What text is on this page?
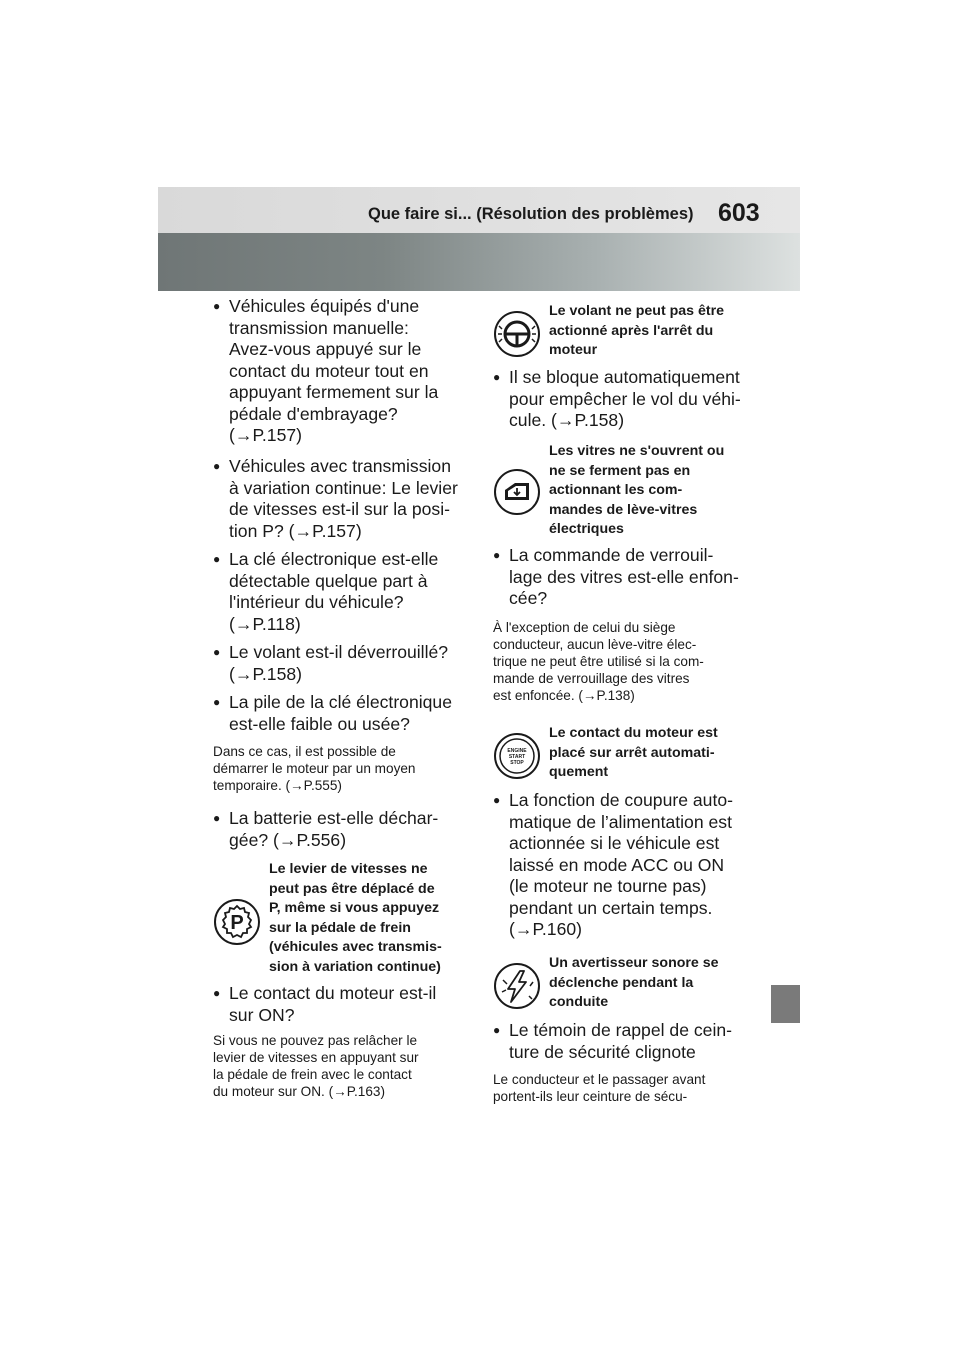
Que faire si... (Résolution des problèmes) 603
● Véhicules équipés d'une
transmission manuelle:
Avez-vous appuyé sur le
contact du moteur tout en
appuyant fermement sur la
pédale d'embrayage?
(→P.157)
● Véhicules avec transmission
à variation continue: Le levier
de vitesses est-il sur la posi-
tion P? (→P.157)
● La clé électronique est-elle
détectable quelque part à
l'intérieur du véhicule?
(→P.118)
● Le volant est-il déverrouillé?
(→P.158)
● La pile de la clé électronique
est-elle faible ou usée?
Dans ce cas, il est possible de
démarrer le moteur par un moyen
temporaire. (→P.555)
● La batterie est-elle déchar-
gée? (→P.556)
P
Le levier de vitesses ne
peut pas être déplacé de
P, même si vous appuyez
sur la pédale de frein
(véhicules avec transmis-
sion à variation continue)
● Le contact du moteur est-il
sur ON?
Si vous ne pouvez pas relâcher le
levier de vitesses en appuyant sur
la pédale de frein avec le contact
du moteur sur ON. (→P.163)
Le volant ne peut pas être
actionné après l'arrêt du
moteur
● Il se bloque automatiquement
pour empêcher le vol du véhi-
cule. (→P.158)
Les vitres ne s'ouvrent ou
ne se ferment pas en
actionnant les com-
mandes de lève-vitres
électriques
● La commande de verrouil-
lage des vitres est-elle enfon-
cée?
À l'exception de celui du siège
conducteur, aucun lève-vitre élec-
trique ne peut être utilisé si la com-
mande de verrouillage des vitres
est enfoncée. (→P.138)
ENGINE
START
STOP
Le contact du moteur est
placé sur arrêt automati-
quement
● La fonction de coupure auto-
matique de l’alimentation est
actionnée si le véhicule est
laissé en mode ACC ou ON
(le moteur ne tourne pas)
pendant un certain temps.
(→P.160)
Un avertisseur sonore se
déclenche pendant la
conduite
● Le témoin de rappel de cein-
ture de sécurité clignote
Le conducteur et le passager avant
portent-ils leur ceinture de sécu-
